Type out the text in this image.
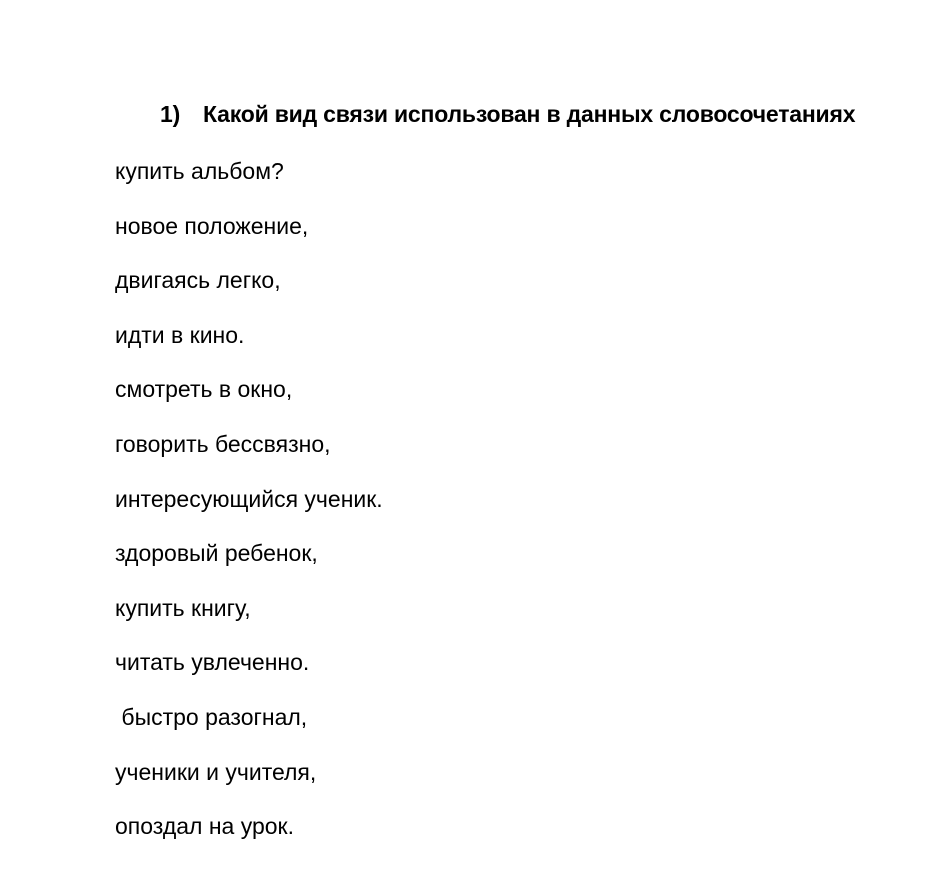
1) Какой вид связи использован в данных словосочетаниях
купить альбом?
новое положение,
двигаясь легко,
идти в кино.
смотреть в окно,
говорить бессвязно,
интересующийся ученик.
здоровый ребенок,
купить книгу,
читать увлеченно.
быстро разогнал,
ученики и учителя,
опоздал на урок.
